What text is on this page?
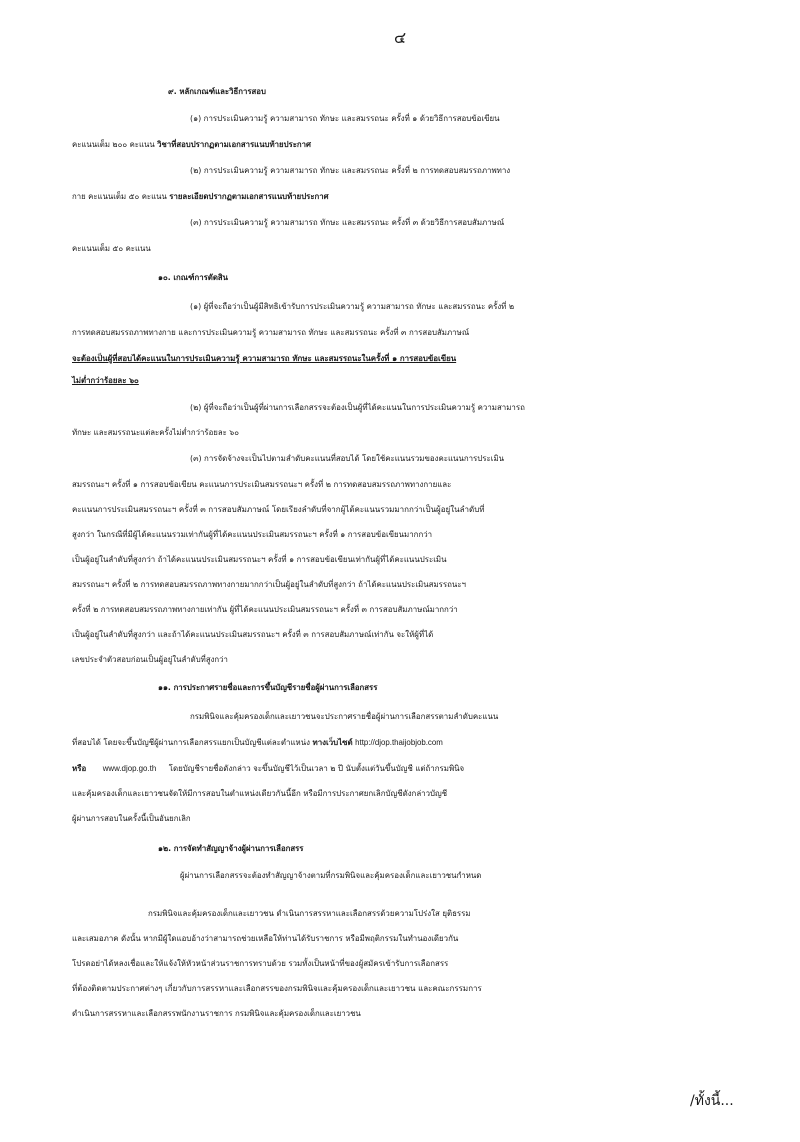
๔
๙. หลักเกณฑ์และวิธีการสอบ
(๑) การประเมินความรู้ ความสามารถ ทักษะ และสมรรถนะ ครั้งที่ ๑ ด้วยวิธีการสอบข้อเขียน
คะแนนเต็ม ๒๐๐ คะแนน วิชาที่สอบปรากฏตามเอกสารแนบท้ายประกาศ
(๒) การประเมินความรู้ ความสามารถ ทักษะ และสมรรถนะ ครั้งที่ ๒ การทดสอบสมรรถภาพทาง
กาย คะแนนเต็ม ๕๐ คะแนน รายละเอียดปรากฏตามเอกสารแนบท้ายประกาศ
(๓) การประเมินความรู้ ความสามารถ ทักษะ และสมรรถนะ ครั้งที่ ๓ ด้วยวิธีการสอบสัมภาษณ์
คะแนนเต็ม ๕๐ คะแนน
๑๐. เกณฑ์การตัดสิน
(๑) ผู้ที่จะถือว่าเป็นผู้มีสิทธิเข้ารับการประเมินความรู้ ความสามารถ ทักษะ และสมรรถนะ ครั้งที่ ๒
การทดสอบสมรรถภาพทางกาย และการประเมินความรู้ ความสามารถ ทักษะ และสมรรถนะ ครั้งที่ ๓ การสอบสัมภาษณ์
จะต้องเป็นผู้ที่สอบได้คะแนนในการประเมินความรู้ ความสามารถ ทักษะ และสมรรถนะในครั้งที่ ๑ การสอบข้อเขียน
ไม่ต่ำกว่าร้อยละ ๖๐
(๒) ผู้ที่จะถือว่าเป็นผู้ที่ผ่านการเลือกสรรจะต้องเป็นผู้ที่ได้คะแนนในการประเมินความรู้ ความสามารถ
ทักษะ และสมรรถนะแต่ละครั้งไม่ต่ำกว่าร้อยละ ๖๐
(๓) การจัดจ้างจะเป็นไปตามลำดับคะแนนที่สอบได้ โดยใช้คะแนนรวมของคะแนนการประเมิน
สมรรถนะฯ ครั้งที่ ๑ การสอบข้อเขียน คะแนนการประเมินสมรรถนะฯ ครั้งที่ ๒ การทดสอบสมรรถภาพทางกายและ
คะแนนการประเมินสมรรถนะฯ ครั้งที่ ๓ การสอบสัมภาษณ์ โดยเรียงลำดับที่จากผู้ได้คะแนนรวมมากกว่าเป็นผู้อยู่ในลำดับที่
สูงกว่า ในกรณีที่มีผู้ได้คะแนนรวมเท่ากันผู้ที่ได้คะแนนประเมินสมรรถนะฯ ครั้งที่ ๑ การสอบข้อเขียนมากกว่า
เป็นผู้อยู่ในลำดับที่สูงกว่า ถ้าได้คะแนนประเมินสมรรถนะฯ ครั้งที่ ๑ การสอบข้อเขียนเท่ากันผู้ที่ได้คะแนนประเมิน
สมรรถนะฯ ครั้งที่ ๒ การทดสอบสมรรถภาพทางกายมากกว่าเป็นผู้อยู่ในลำดับที่สูงกว่า ถ้าได้คะแนนประเมินสมรรถนะฯ
ครั้งที่ ๒ การทดสอบสมรรถภาพทางกายเท่ากัน ผู้ที่ได้คะแนนประเมินสมรรถนะฯ ครั้งที่ ๓ การสอบสัมภาษณ์มากกว่า
เป็นผู้อยู่ในลำดับที่สูงกว่า และถ้าได้คะแนนประเมินสมรรถนะฯ ครั้งที่ ๓ การสอบสัมภาษณ์เท่ากัน จะให้ผู้ที่ได้
เลขประจำตัวสอบก่อนเป็นผู้อยู่ในลำดับที่สูงกว่า
๑๑. การประกาศรายชื่อและการขึ้นบัญชีรายชื่อผู้ผ่านการเลือกสรร
กรมพินิจและคุ้มครองเด็กและเยาวชนจะประกาศรายชื่อผู้ผ่านการเลือกสรรตามลำดับคะแนน
ที่สอบได้ โดยจะขึ้นบัญชีผู้ผ่านการเลือกสรรแยกเป็นบัญชีแต่ละตำแหน่ง ทางเว็บไซต์ http://djop.thaijobjob.com
หรือ www.djop.go.th โดยบัญชีรายชื่อดังกล่าว จะขึ้นบัญชีไว้เป็นเวลา ๒ ปี นับตั้งแต่วันขึ้นบัญชี แต่ถ้ากรมพินิจ
และคุ้มครองเด็กและเยาวชนจัดให้มีการสอบในตำแหน่งเดียวกันนี้อีก หรือมีการประกาศยกเลิกบัญชีดังกล่าวบัญชี
ผู้ผ่านการสอบในครั้งนี้เป็นอันยกเลิก
๑๒. การจัดทำสัญญาจ้างผู้ผ่านการเลือกสรร
ผู้ผ่านการเลือกสรรจะต้องทำสัญญาจ้างตามที่กรมพินิจและคุ้มครองเด็กและเยาวชนกำหนด
กรมพินิจและคุ้มครองเด็กและเยาวชน ดำเนินการสรรหาและเลือกสรรด้วยความโปร่งใส ยุติธรรม
และเสมอภาค ดังนั้น หากมีผู้ใดแอบอ้างว่าสามารถช่วยเหลือให้ท่านได้รับราชการ หรือมีพฤติกรรมในทำนองเดียวกัน
โปรดอย่าได้หลงเชื่อและให้แจ้งให้หัวหน้าส่วนราชการทราบด้วย รวมทั้งเป็นหน้าที่ของผู้สมัครเข้ารับการเลือกสรร
ที่ต้องติดตามประกาศต่างๆ เกี่ยวกับการสรรหาและเลือกสรรของกรมพินิจและคุ้มครองเด็กและเยาวชน และคณะกรรมการ
ดำเนินการสรรหาและเลือกสรรพนักงานราชการ กรมพินิจและคุ้มครองเด็กและเยาวชน
/ทั้งนี้...
